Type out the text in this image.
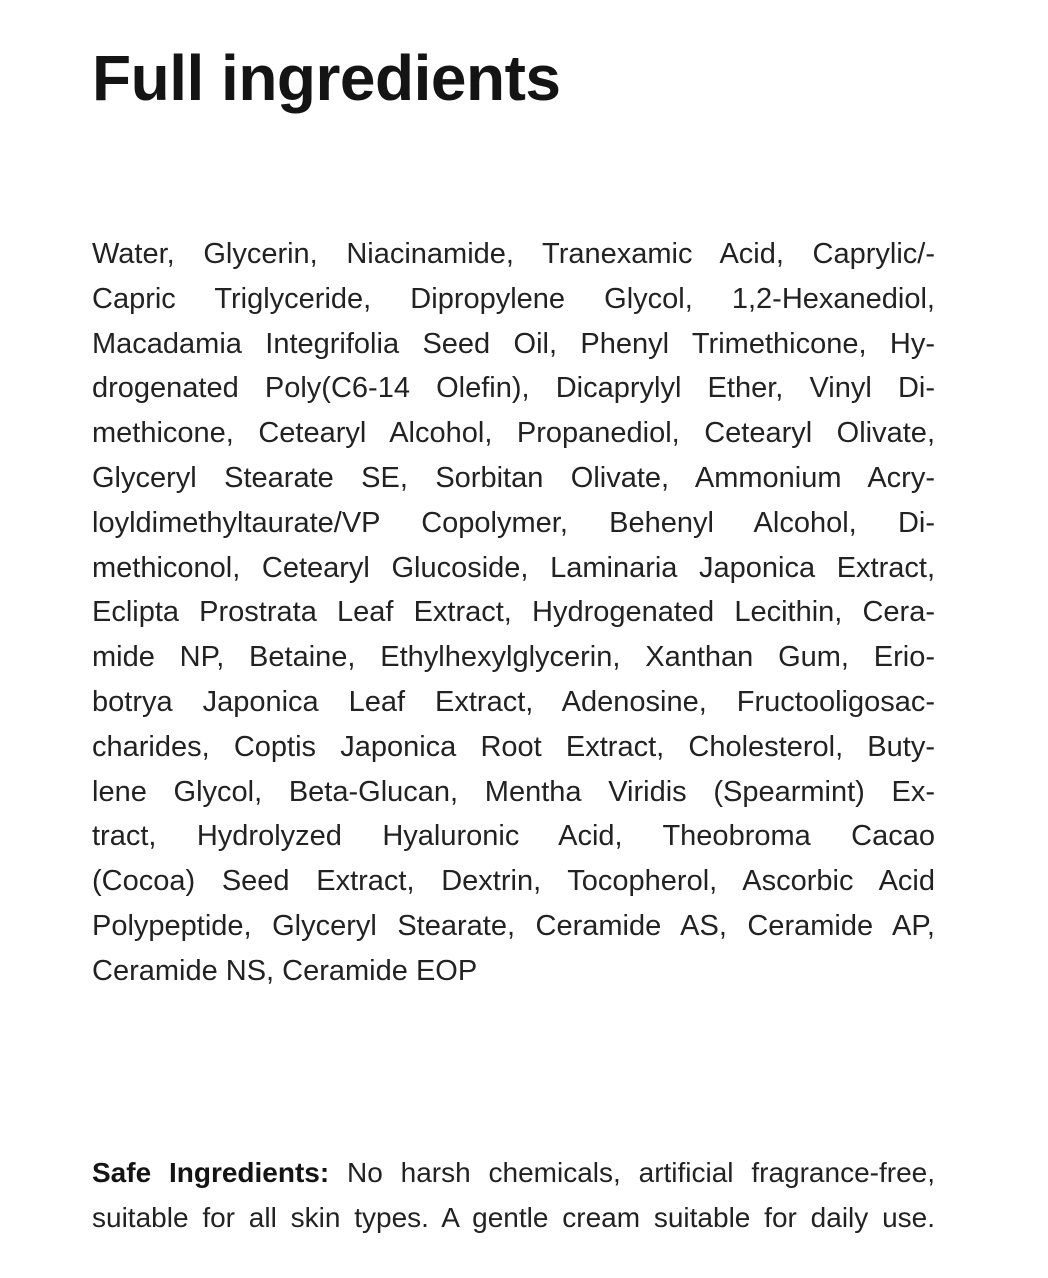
Full ingredients
Water, Glycerin, Niacinamide, Tranexamic Acid, Caprylic/-
Capric Triglyceride, Dipropylene Glycol, 1,2-Hexanediol,
Macadamia Integrifolia Seed Oil, Phenyl Trimethicone, Hy-
drogenated Poly(C6-14 Olefin), Dicaprylyl Ether, Vinyl Di-
methicone, Cetearyl Alcohol, Propanediol, Cetearyl Olivate,
Glyceryl Stearate SE, Sorbitan Olivate, Ammonium Acry-
loyldimethyltaurate/VP Copolymer, Behenyl Alcohol, Di-
methiconol, Cetearyl Glucoside, Laminaria Japonica Extract,
Eclipta Prostrata Leaf Extract, Hydrogenated Lecithin, Cera-
mide NP, Betaine, Ethylhexylglycerin, Xanthan Gum, Erio-
botrya Japonica Leaf Extract, Adenosine, Fructooligosac-
charides, Coptis Japonica Root Extract, Cholesterol, Buty-
lene Glycol, Beta-Glucan, Mentha Viridis (Spearmint) Ex-
tract, Hydrolyzed Hyaluronic Acid, Theobroma Cacao
(Cocoa) Seed Extract, Dextrin, Tocopherol, Ascorbic Acid
Polypeptide, Glyceryl Stearate, Ceramide AS, Ceramide AP,
Ceramide NS, Ceramide EOP
Safe Ingredients: No harsh chemicals, artificial fragrance-free,
suitable for all skin types. A gentle cream suitable for daily use.
